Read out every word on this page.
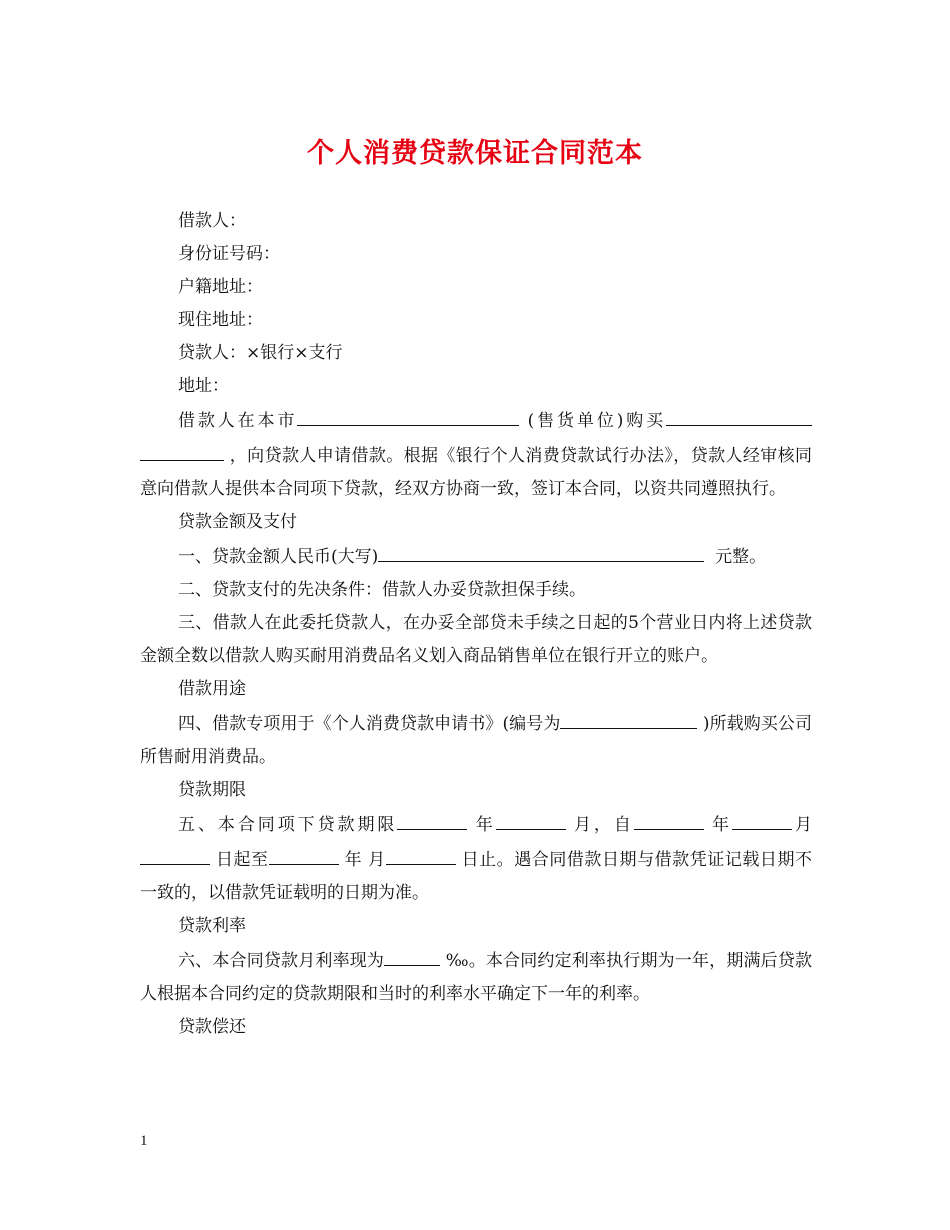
个人消费贷款保证合同范本

借款人：

身份证号码：

户籍地址：

现住地址：

贷款人：×银行×支行

地址：

借款人在本市	(售货单位)购买  ，向贷款人申请借款。根据《银行个人消费贷款试行办法》，贷款人经审核同意向借款人提供本合同项下贷款，经双方协商一致，签订本合同，以资共同遵照执行。

贷款金额及支付

一、贷款金额人民币(大写)	元整。

二、贷款支付的先决条件：借款人办妥贷款担保手续。

三、借款人在此委托贷款人，在办妥全部贷未手续之日起的5个营业日内将上述贷款金额全数以借款人购买耐用消费品名义划入商品销售单位在银行开立的账户。

借款用途

四、借款专项用于《个人消费贷款申请书》(编号为	)所载购买公司所售耐用消费品。

贷款期限

五、本合同项下贷款期限	年	月，自	年	月 日起至	年 月	日止。遇合同借款日期与借款凭证记载日期不一致的，以借款凭证载明的日期为准。

贷款利率

六、本合同贷款月利率现为	‰。本合同约定利率执行期为一年，期满后贷款人根据本合同约定的贷款期限和当时的利率水平确定下一年的利率。

贷款偿还

1
